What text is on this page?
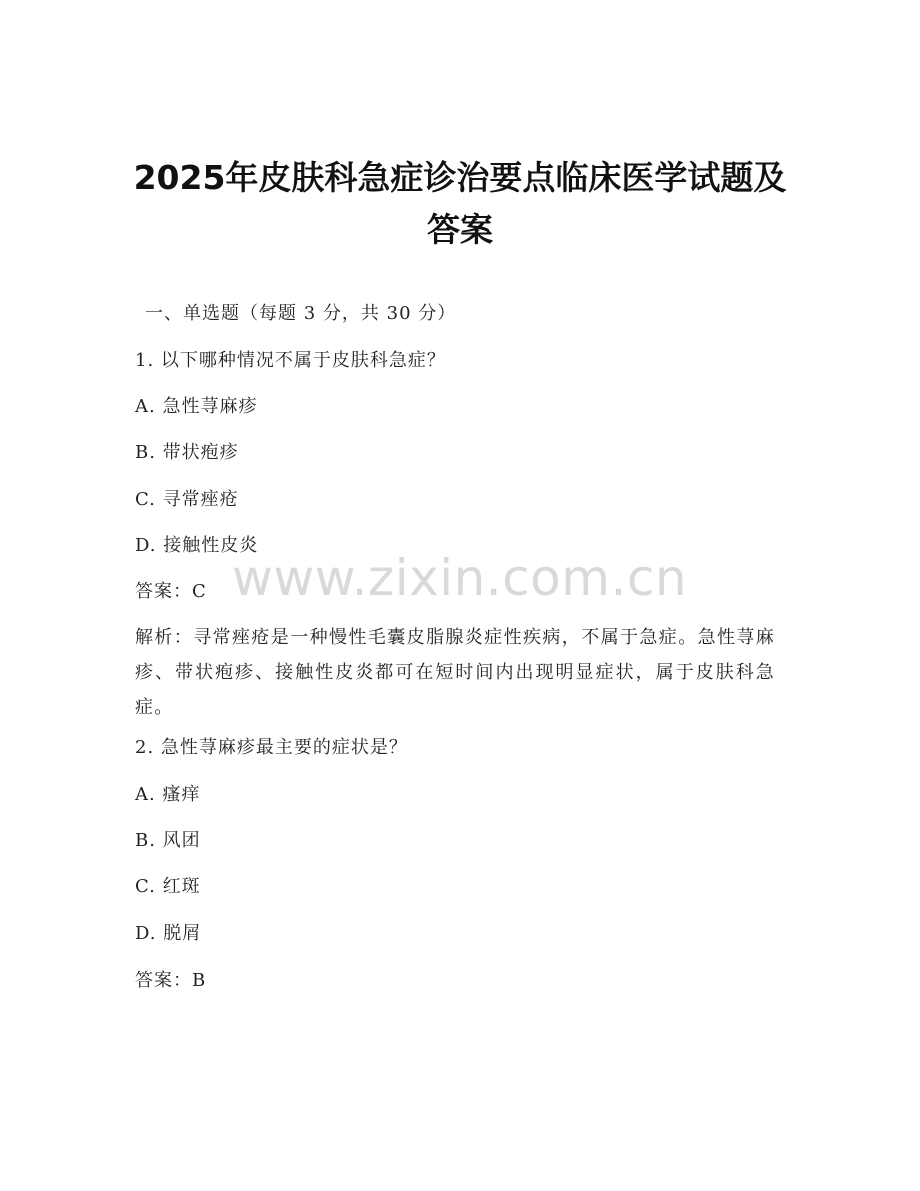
2025年皮肤科急症诊治要点临床医学试题及
答案
一、单选题（每题 3 分，共 30 分）
1. 以下哪种情况不属于皮肤科急症？
A. 急性荨麻疹
B. 带状疱疹
C. 寻常痤疮
D. 接触性皮炎
答案：C www.zixin.com.cn
解析：寻常痤疮是一种慢性毛囊皮脂腺炎症性疾病，不属于急症。急性荨麻疹、带状疱疹、接触性皮炎都可在短时间内出现明显症状，属于皮肤科急症。
2. 急性荨麻疹最主要的症状是？
A. 瘙痒
B. 风团
C. 红斑
D. 脱屑
答案：B
